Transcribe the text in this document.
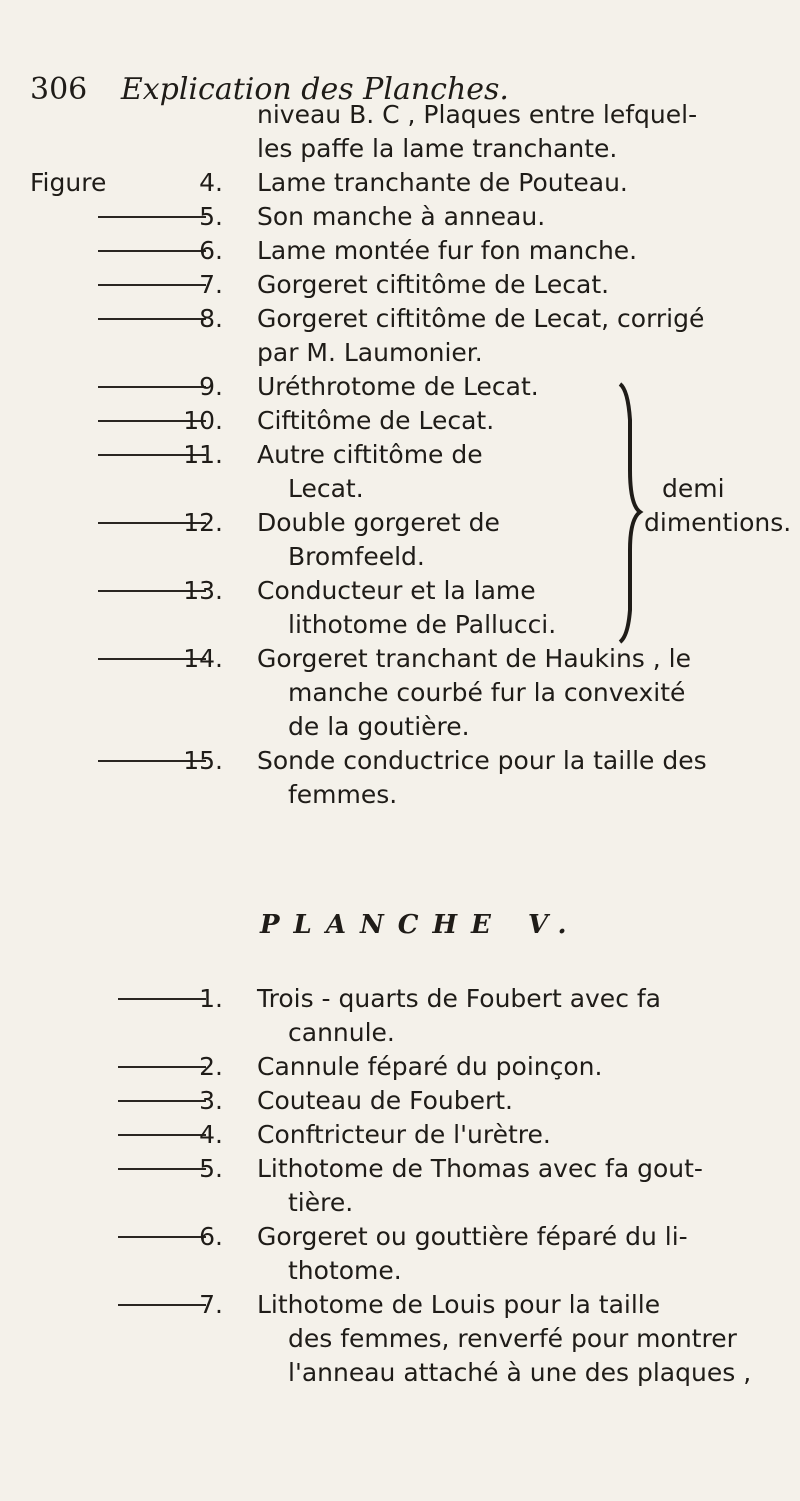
306 Explication des Planches.
niveau B. C , Plaques entre lefquel-
les paffe la lame tranchante.
Figure	4. Lame tranchante de Pouteau.
5. Son manche à anneau.
6. Lame montée fur fon manche.
7. Gorgeret ciftitôme de Lecat.
8. Gorgeret ciftitôme de Lecat, corrigé
par M. Laumonier.
9. Uréthrotome de Lecat.
10. Ciftitôme de Lecat.
11. Autre ciftitôme de
Lecat.
12. Double gorgeret de
Bromfeeld.
13. Conducteur et la lame
lithotome de Pallucci.
14. Gorgeret tranchant de Haukins , le
manche courbé fur la convexité
de la goutière.
15. Sonde conductrice pour la taille des
femmes.
demi
dimentions.
PLANCHE V.
1. Trois - quarts de Foubert avec fa
cannule.
2. Cannule féparé du poinçon.
3. Couteau de Foubert.
4. Conftricteur de l'urètre.
5. Lithotome de Thomas avec fa gout-
tière.
6. Gorgeret ou gouttière féparé du li-
thotome.
7. Lithotome de Louis pour la taille
des femmes, renverfé pour montrer
l'anneau attaché à une des plaques ,
